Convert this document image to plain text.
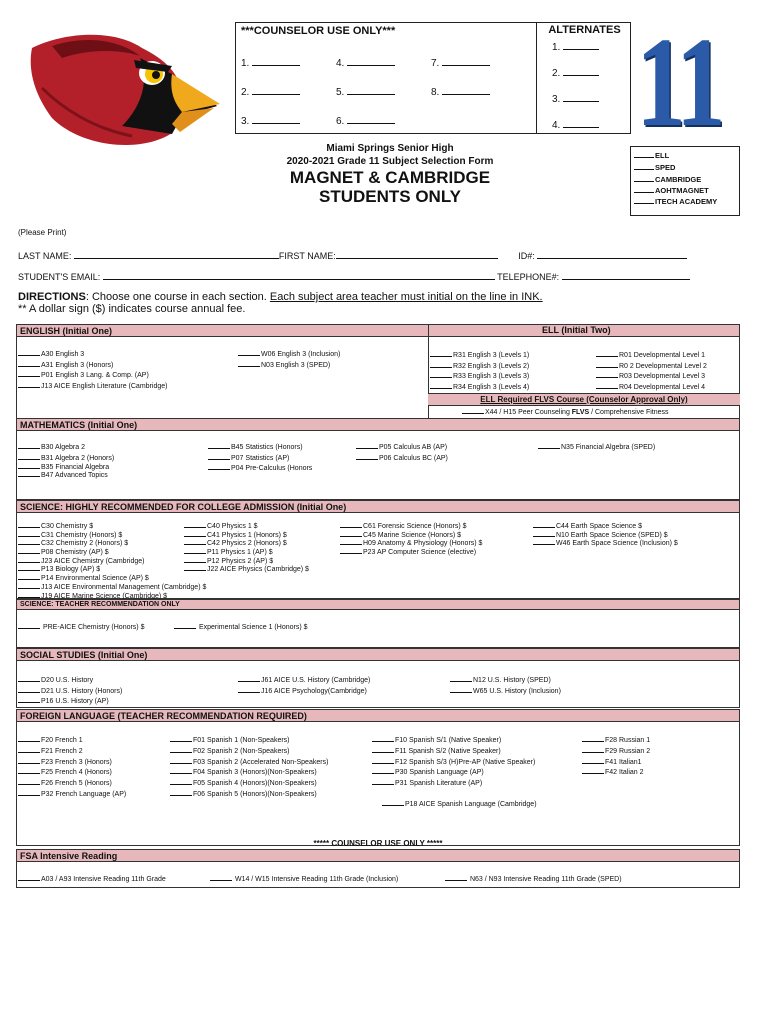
***COUNSELOR USE ONLY***
1.	4.	7.
2.	5.	8.
3.	6.
ALTERNATES
1.
2.
3.
4. 11
Miami Springs Senior High
2020-2021 Grade 11 Subject Selection Form
MAGNET & CAMBRIDGE
STUDENTS ONLY
ELL
SPED
CAMBRIDGE
AOHTMAGNET
ITECH ACADEMY
(Please Print)
LAST NAME:	FIRST NAME:	ID#:
STUDENT'S EMAIL:	TELEPHONE#:
DIRECTIONS: Choose one course in each section. Each subject area teacher must initial on the line in INK.
** A dollar sign ($) indicates course annual fee.
ENGLISH (Initial One)	ELL (Initial Two)
A30 English 3
A31 English 3 (Honors)
P01 English 3 Lang. & Comp. (AP)
J13 AICE English Literature (Cambridge)
W06 English 3 (Inclusion)
N03 English 3 (SPED)
R31 English 3 (Levels 1)
R32 English 3 (Levels 2)
R33 English 3 (Levels 3)
R34 English 3 (Levels 4)
R01 Developmental Level 1
R0 2 Developmental Level 2
R03 Developmental Level 3
R04 Developmental Level 4
ELL Required FLVS Course (Counselor Approval Only)
X44 / H15 Peer Counseling FLVS / Comprehensive Fitness
MATHEMATICS (Initial One)
B30 Algebra 2
B31 Algebra 2 (Honors)
B35 Financial Algebra
B47 Advanced Topics
B45 Statistics (Honors)
P07 Statistics (AP)
P04 Pre-Calculus (Honors
P05 Calculus AB (AP)
P06 Calculus BC (AP)
N35 Financial Algebra (SPED)
SCIENCE: HIGHLY RECOMMENDED FOR COLLEGE ADMISSION (Initial One)
C30 Chemistry $
C31 Chemistry (Honors) $
C32 Chemistry 2 (Honors) $
P08 Chemistry (AP) $
J23 AICE Chemistry (Cambridge)
P13 Biology (AP) $
P14 Environmental Science (AP) $
J13 AICE Environmental Management (Cambridge) $
J19 AICE Marine Science (Cambridge) $
C40 Physics 1 $
C41 Physics 1 (Honors) $
C42 Physics 2 (Honors) $
P11 Physics 1 (AP) $
P12 Physics 2 (AP) $
J22 AICE Physics (Cambridge) $
C61 Forensic Science (Honors) $
C45 Marine Science (Honors) $
H09 Anatomy & Physiology (Honors) $
P23 AP Computer Science (elective)
C44 Earth Space Science $
N10 Earth Space Science (SPED) $
W46 Earth Space Science (Inclusion) $
SCIENCE: TEACHER RECOMMENDATION ONLY
PRE-AICE Chemistry (Honors) $	Experimental Science 1 (Honors) $
SOCIAL STUDIES (Initial One)
D20 U.S. History
D21 U.S. History (Honors)
P16 U.S. History (AP)
J61 AICE U.S. History (Cambridge)
J16 AICE Psychology(Cambridge)
N12 U.S. History (SPED)
W65 U.S. History (Inclusion)
FOREIGN LANGUAGE (TEACHER RECOMMENDATION REQUIRED)
F20 French 1
F21 French 2
F23 French 3 (Honors)
F25 French 4 (Honors)
F26 French 5 (Honors)
P32 French Language (AP)
F01 Spanish 1 (Non-Speakers)
F02 Spanish 2 (Non-Speakers)
F03 Spanish 2 (Accelerated Non-Speakers)
F04 Spanish 3 (Honors)(Non-Speakers)
F05 Spanish 4 (Honors)(Non-Speakers)
F06 Spanish 5 (Honors)(Non-Speakers)
F10 Spanish S/1 (Native Speaker)
F11 Spanish S/2 (Native Speaker)
F12 Spanish S/3 (H)Pre-AP (Native Speaker)
P30 Spanish Language (AP)
P31 Spanish Literature (AP)
F28 Russian 1
F29 Russian 2
F41 Italian1
F42 Italian 2
P18 AICE Spanish Language (Cambridge)
***** COUNSELOR USE ONLY *****
FSA Intensive Reading
A03 / A93 Intensive Reading 11th Grade	W14 / W15 Intensive Reading 11th Grade (Inclusion)	N63 / N93 Intensive Reading 11th Grade (SPED)
